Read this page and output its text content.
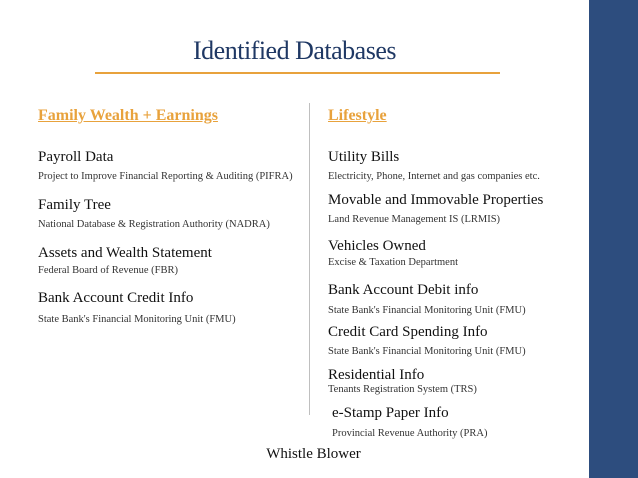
Identified Databases
Family Wealth + Earnings
Payroll Data
Project to Improve Financial Reporting & Auditing (PIFRA)
Family Tree
National Database & Registration Authority (NADRA)
Assets and Wealth Statement
Federal Board of Revenue (FBR)
Bank Account Credit Info
State Bank's Financial Monitoring Unit (FMU)
Lifestyle
Utility Bills
Electricity, Phone, Internet and gas companies etc.
Movable and Immovable Properties
Land Revenue Management IS (LRMIS)
Vehicles Owned
Excise & Taxation Department
Bank Account Debit info
State Bank's Financial Monitoring Unit (FMU)
Credit Card Spending Info
State Bank's Financial Monitoring Unit (FMU)
Residential Info
Tenants Registration System (TRS)
e-Stamp Paper Info
Provincial Revenue Authority (PRA)
Whistle Blower
